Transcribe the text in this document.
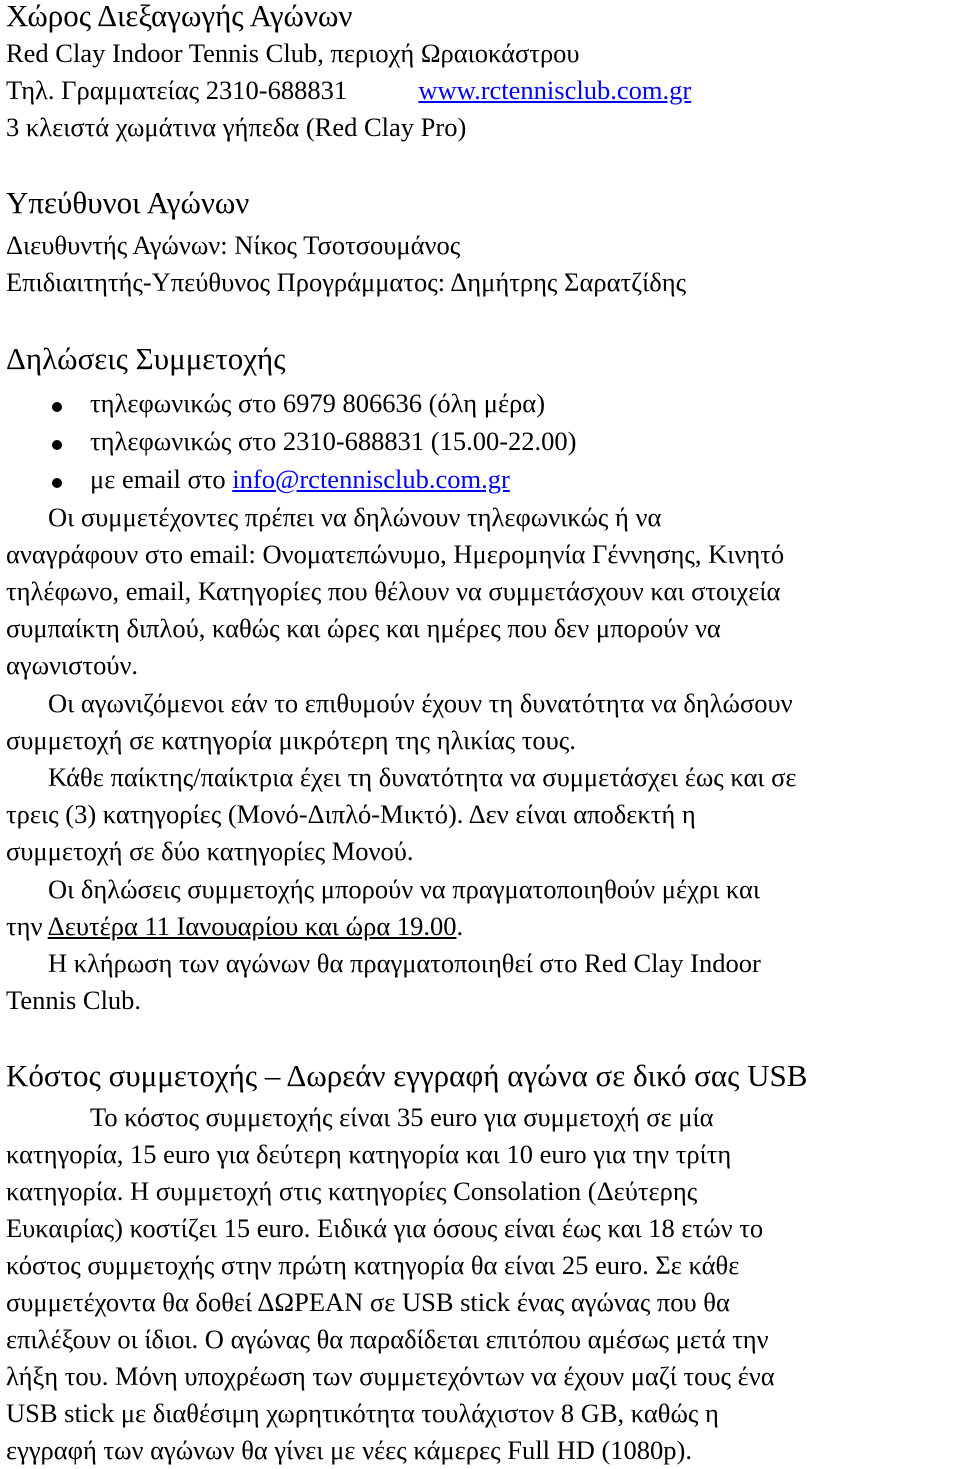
Χώρος Διεξαγωγής Αγώνων
Red Clay Indoor Tennis Club, περιοχή Ωραιοκάστρου
Τηλ. Γραμματείας 2310-688831	www.rctennisclub.com.gr
3 κλειστά χωμάτινα γήπεδα (Red Clay Pro)
Υπεύθυνοι Αγώνων
Διευθυντής Αγώνων: Νίκος Τσοτσουμάνος
Επιδιαιτητής-Υπεύθυνος Προγράμματος: Δημήτρης Σαρατζίδης
Δηλώσεις Συμμετοχής
τηλεφωνικώς στο 6979 806636 (όλη μέρα)
τηλεφωνικώς στο 2310-688831 (15.00-22.00)
με email στο info@rctennisclub.com.gr
Οι συμμετέχοντες πρέπει να δηλώνουν τηλεφωνικώς ή να
αναγράφουν στο email: Ονοματεπώνυμο, Ημερομηνία Γέννησης, Κινητό
τηλέφωνο, email, Κατηγορίες που θέλουν να συμμετάσχουν και στοιχεία
συμπαίκτη διπλού, καθώς και ώρες και ημέρες που δεν μπορούν να
αγωνιστούν.
Οι αγωνιζόμενοι εάν το επιθυμούν έχουν τη δυνατότητα να δηλώσουν
συμμετοχή σε κατηγορία μικρότερη της ηλικίας τους.
Κάθε παίκτης/παίκτρια έχει τη δυνατότητα να συμμετάσχει έως και σε
τρεις (3) κατηγορίες (Μονό-Διπλό-Μικτό). Δεν είναι αποδεκτή η
συμμετοχή σε δύο κατηγορίες Μονού.
Οι δηλώσεις συμμετοχής μπορούν να πραγματοποιηθούν μέχρι και
την Δευτέρα 11 Ιανουαρίου και ώρα 19.00.
Η κλήρωση των αγώνων θα πραγματοποιηθεί στο Red Clay Indoor
Tennis Club.
Κόστος συμμετοχής – Δωρεάν εγγραφή αγώνα σε δικό σας USB
Το κόστος συμμετοχής είναι 35 euro για συμμετοχή σε μία
κατηγορία, 15 euro για δεύτερη κατηγορία και 10 euro για την τρίτη
κατηγορία. Η συμμετοχή στις κατηγορίες Consolation (Δεύτερης
Ευκαιρίας) κοστίζει 15 euro. Ειδικά για όσους είναι έως και 18 ετών το
κόστος συμμετοχής στην πρώτη κατηγορία θα είναι 25 euro. Σε κάθε
συμμετέχοντα θα δοθεί ΔΩΡΕΑΝ σε USB stick ένας αγώνας που θα
επιλέξουν οι ίδιοι. Ο αγώνας θα παραδίδεται επιτόπου αμέσως μετά την
λήξη του. Μόνη υποχρέωση των συμμετεχόντων να έχουν μαζί τους ένα
USB stick με διαθέσιμη χωρητικότητα τουλάχιστον 8 GB, καθώς η
εγγραφή των αγώνων θα γίνει με νέες κάμερες Full HD (1080p).
